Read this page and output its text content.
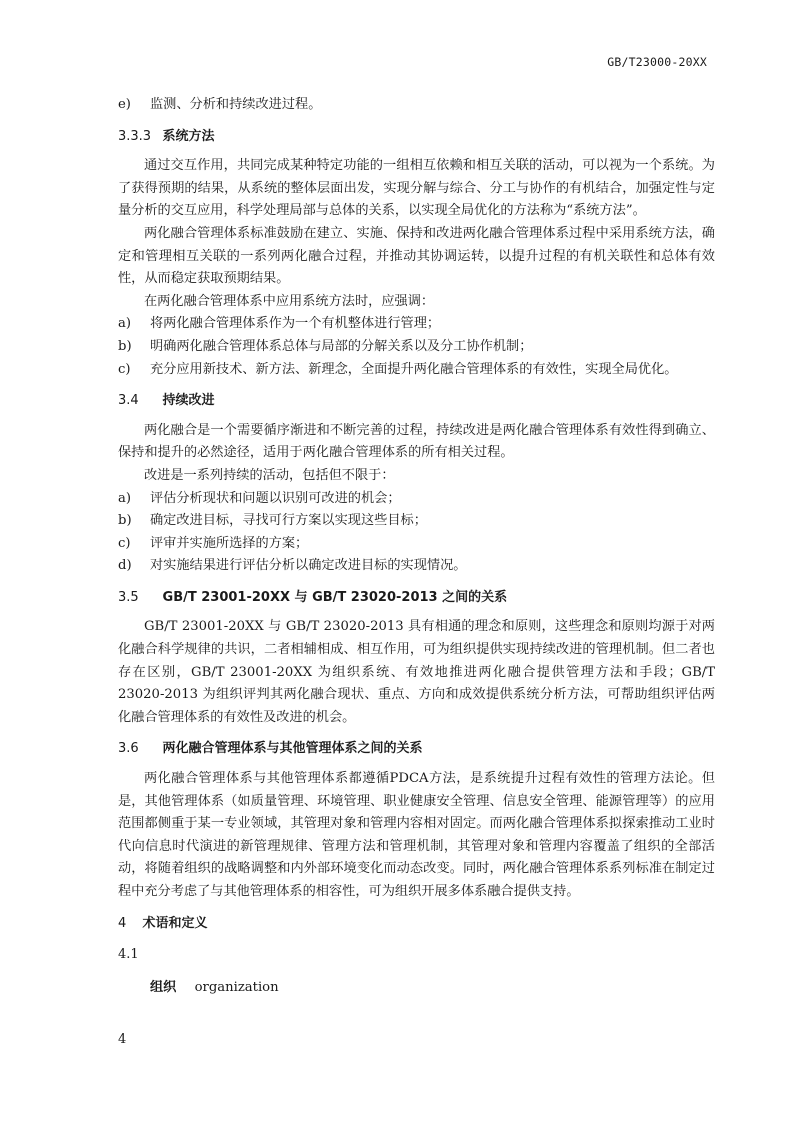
GB/T23000-20XX
e) 监测、分析和持续改进过程。
3.3.3 系统方法

通过交互作用，共同完成某种特定功能的一组相互依赖和相互关联的活动，可以视为一个系统。为了获得预期的结果，从系统的整体层面出发，实现分解与综合、分工与协作的有机结合，加强定性与定量分析的交互应用，科学处理局部与总体的关系，以实现全局优化的方法称为“系统方法”。

两化融合管理体系标准鼓励在建立、实施、保持和改进两化融合管理体系过程中采用系统方法，确定和管理相互关联的一系列两化融合过程，并推动其协调运转，以提升过程的有机关联性和总体有效性，从而稳定获取预期结果。

在两化融合管理体系中应用系统方法时，应强调：

a) 将两化融合管理体系作为一个有机整体进行管理；
b) 明确两化融合管理体系总体与局部的分解关系以及分工协作机制；
c) 充分应用新技术、新方法、新理念，全面提升两化融合管理体系的有效性，实现全局优化。
3.4 持续改进

两化融合是一个需要循序渐进和不断完善的过程，持续改进是两化融合管理体系有效性得到确立、保持和提升的必然途径，适用于两化融合管理体系的所有相关过程。

改进是一系列持续的活动，包括但不限于：

a) 评估分析现状和问题以识别可改进的机会；
b) 确定改进目标，寻找可行方案以实现这些目标；
c) 评审并实施所选择的方案；
d) 对实施结果进行评估分析以确定改进目标的实现情况。
3.5 GB/T 23001-20XX 与 GB/T 23020-2013 之间的关系

GB/T 23001-20XX 与 GB/T 23020-2013 具有相通的理念和原则，这些理念和原则均源于对两化融合科学规律的共识，二者相辅相成、相互作用，可为组织提供实现持续改进的管理机制。但二者也存在区别，GB/T 23001-20XX 为组织系统、有效地推进两化融合提供管理方法和手段；GB/T 23020-2013 为组织评判其两化融合现状、重点、方向和成效提供系统分析方法，可帮助组织评估两化融合管理体系的有效性及改进的机会。

3.6 两化融合管理体系与其他管理体系之间的关系

两化融合管理体系与其他管理体系都遵循PDCA方法，是系统提升过程有效性的管理方法论。但是，其他管理体系（如质量管理、环境管理、职业健康安全管理、信息安全管理、能源管理等）的应用范围都侧重于某一专业领域，其管理对象和管理内容相对固定。而两化融合管理体系拟探索推动工业时代向信息时代演进的新管理规律、管理方法和管理机制，其管理对象和管理内容覆盖了组织的全部活动，将随着组织的战略调整和内外部环境变化而动态改变。同时，两化融合管理体系系列标准在制定过程中充分考虑了与其他管理体系的相容性，可为组织开展多体系融合提供支持。

4 术语和定义
4.1
组织 organization
4
